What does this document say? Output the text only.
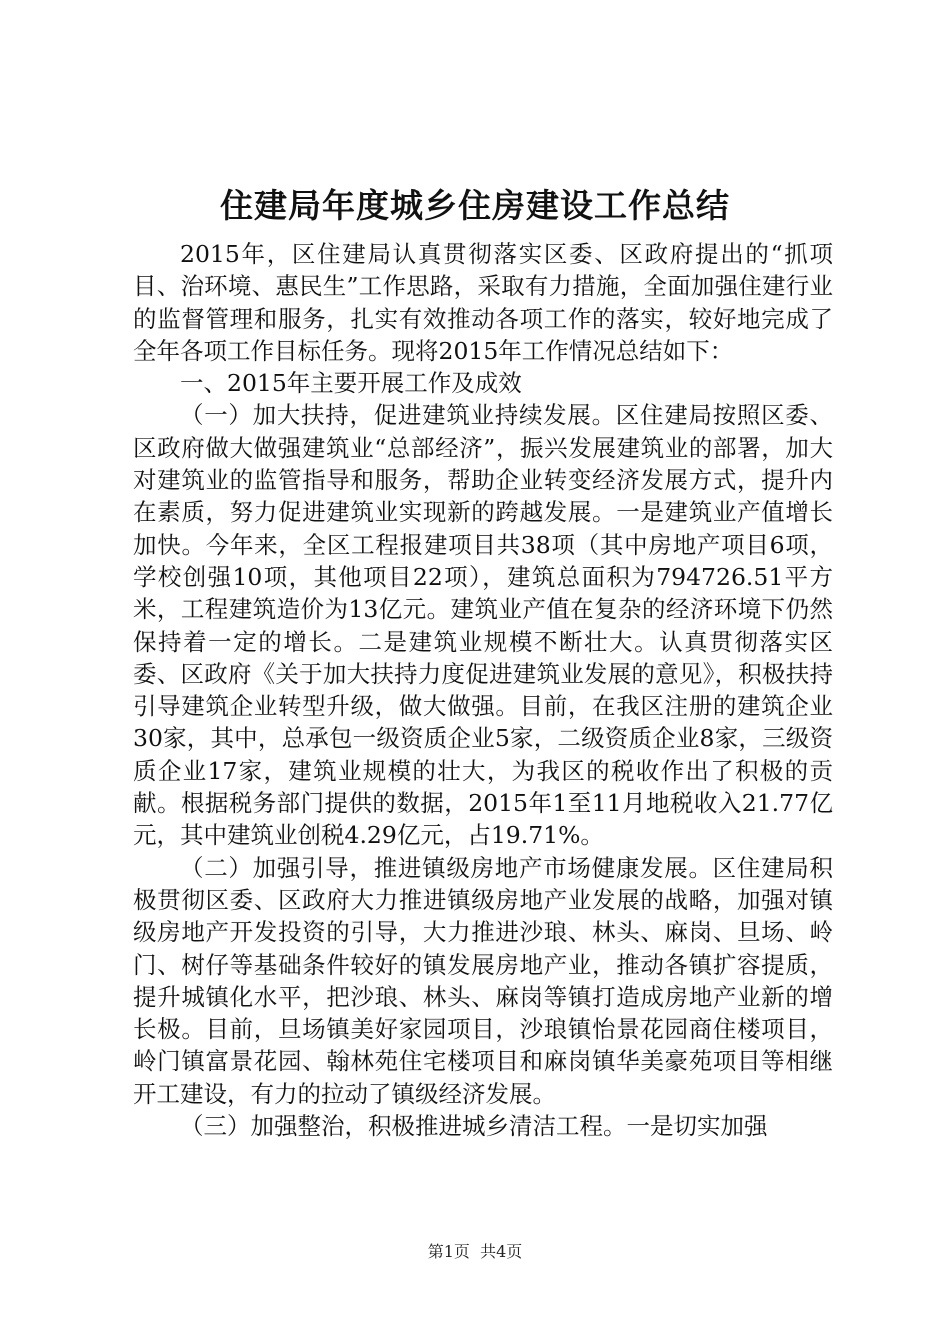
住建局年度城乡住房建设工作总结

2015年，区住建局认真贯彻落实区委、区政府提出的“抓项目、治环境、惠民生”工作思路，采取有力措施，全面加强住建行业的监督管理和服务，扎实有效推动各项工作的落实，较好地完成了全年各项工作目标任务。现将2015年工作情况总结如下：

一、2015年主要开展工作及成效

（一）加大扶持，促进建筑业持续发展。区住建局按照区委、区政府做大做强建筑业“总部经济”，振兴发展建筑业的部署，加大对建筑业的监管指导和服务，帮助企业转变经济发展方式，提升内在素质，努力促进建筑业实现新的跨越发展。一是建筑业产值增长加快。今年来，全区工程报建项目共38项（其中房地产项目6项，学校创强10项，其他项目22项），建筑总面积为794726.51平方米，工程建筑造价为13亿元。建筑业产值在复杂的经济环境下仍然保持着一定的增长。二是建筑业规模不断壮大。认真贯彻落实区委、区政府《关于加大扶持力度促进建筑业发展的意见》，积极扶持引导建筑企业转型升级，做大做强。目前，在我区注册的建筑企业30家，其中，总承包一级资质企业5家，二级资质企业8家，三级资质企业17家，建筑业规模的壮大，为我区的税收作出了积极的贡献。根据税务部门提供的数据，2015年1至11月地税收入21.77亿元，其中建筑业创税4.29亿元，占19.71%。

（二）加强引导，推进镇级房地产市场健康发展。区住建局积极贯彻区委、区政府大力推进镇级房地产业发展的战略，加强对镇级房地产开发投资的引导，大力推进沙琅、林头、麻岗、旦场、岭门、树仔等基础条件较好的镇发展房地产业，推动各镇扩容提质，提升城镇化水平，把沙琅、林头、麻岗等镇打造成房地产业新的增长极。目前，旦场镇美好家园项目，沙琅镇怡景花园商住楼项目，岭门镇富景花园、翰林苑住宅楼项目和麻岗镇华美豪苑项目等相继开工建设，有力的拉动了镇级经济发展。

（三）加强整治，积极推进城乡清洁工程。一是切实加强

第1页 共4页
